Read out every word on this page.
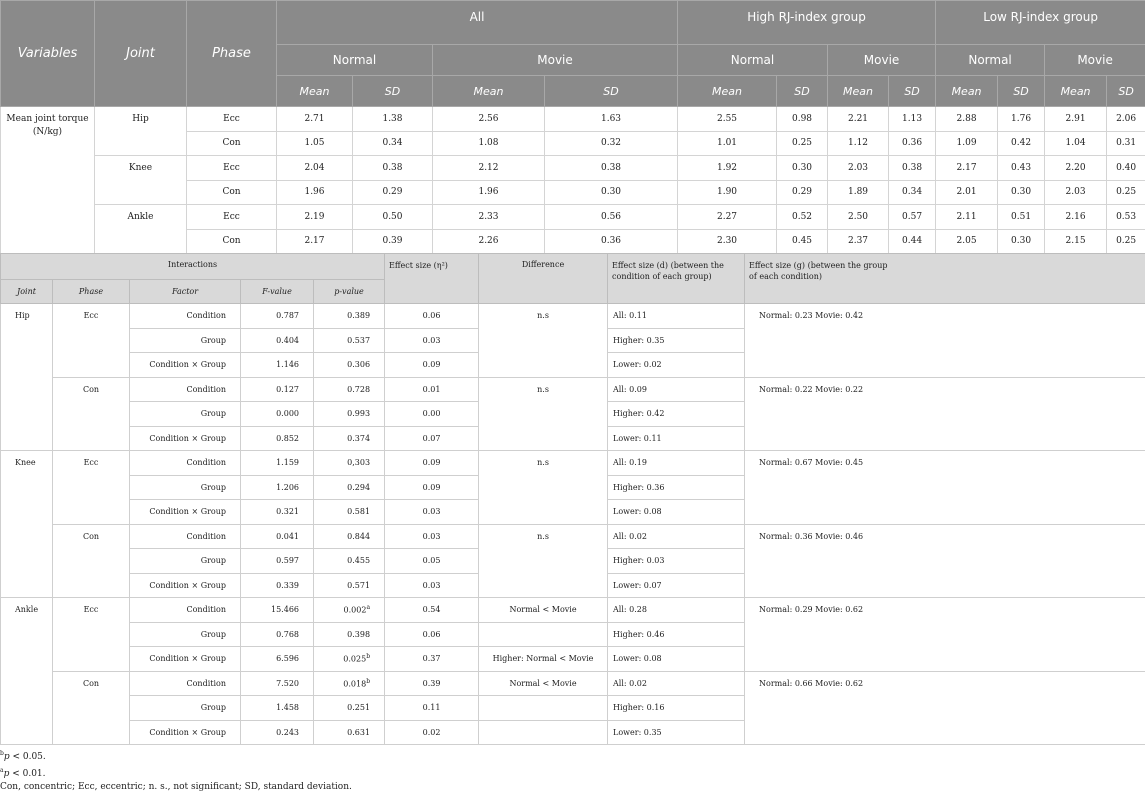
Variables	Joint	Phase	All				High RJ-index group				Low RJ-index group			
			Normal		Movie		Normal		Movie		Normal		Movie	
			Mean	SD	Mean	SD	Mean	SD	Mean	SD	Mean	SD	Mean	SD
Mean joint torque (N/kg)	Hip	Ecc	2.71	1.38	2.56	1.63	2.55	0.98	2.21	1.13	2.88	1.76	2.91	2.06
		Con	1.05	0.34	1.08	0.32	1.01	0.25	1.12	0.36	1.09	0.42	1.04	0.31
	Knee	Ecc	2.04	0.38	2.12	0.38	1.92	0.30	2.03	0.38	2.17	0.43	2.20	0.40
		Con	1.96	0.29	1.96	0.30	1.90	0.29	1.89	0.34	2.01	0.30	2.03	0.25
	Ankle	Ecc	2.19	0.50	2.33	0.56	2.27	0.52	2.50	0.57	2.11	0.51	2.16	0.53
		Con	2.17	0.39	2.26	0.36	2.30	0.45	2.37	0.44	2.05	0.30	2.15	0.25
Interactions					Effect size (η²)	Difference	Effect size (d) (between the condition of each group)	Effect size (g) (between the group of each condition)
Joint	Phase	Factor	F-value	p-value				
Hip	Ecc	Condition	0.787	0.389	0.06	n.s	All: 0.11	Normal: 0.23 Movie: 0.42
		Group	0.404	0.537	0.03		Higher: 0.35	
		Condition × Group	1.146	0.306	0.09		Lower: 0.02	
	Con	Condition	0.127	0.728	0.01	n.s	All: 0.09	Normal: 0.22 Movie: 0.22
		Group	0.000	0.993	0.00		Higher: 0.42	
		Condition × Group	0.852	0.374	0.07		Lower: 0.11	
Knee	Ecc	Condition	1.159	0,303	0.09	n.s	All: 0.19	Normal: 0.67 Movie: 0.45
		Group	1.206	0.294	0.09		Higher: 0.36	
		Condition × Group	0.321	0.581	0.03		Lower: 0.08	
	Con	Condition	0.041	0.844	0.03	n.s	All: 0.02	Normal: 0.36 Movie: 0.46
		Group	0.597	0.455	0.05		Higher: 0.03	
		Condition × Group	0.339	0.571	0.03		Lower: 0.07	
Ankle	Ecc	Condition	15.466	0.002$^a$	0.54	Normal < Movie	All: 0.28	Normal: 0.29 Movie: 0.62
		Group	0.768	0.398	0.06		Higher: 0.46	
		Condition × Group	6.596	0.025$^b$	0.37	Higher: Normal < Movie	Lower: 0.08	
	Con	Condition	7.520	0.018$^b$	0.39	Normal < Movie	All: 0.02	Normal: 0.66 Movie: 0.62
		Group	1.458	0.251	0.11		Higher: 0.16	
		Condition × Group	0.243	0.631	0.02		Lower: 0.35	
$^b$p < 0.05.
$^a$p < 0.01.
Con, concentric; Ecc, eccentric; n. s., not significant; SD, standard deviation.
